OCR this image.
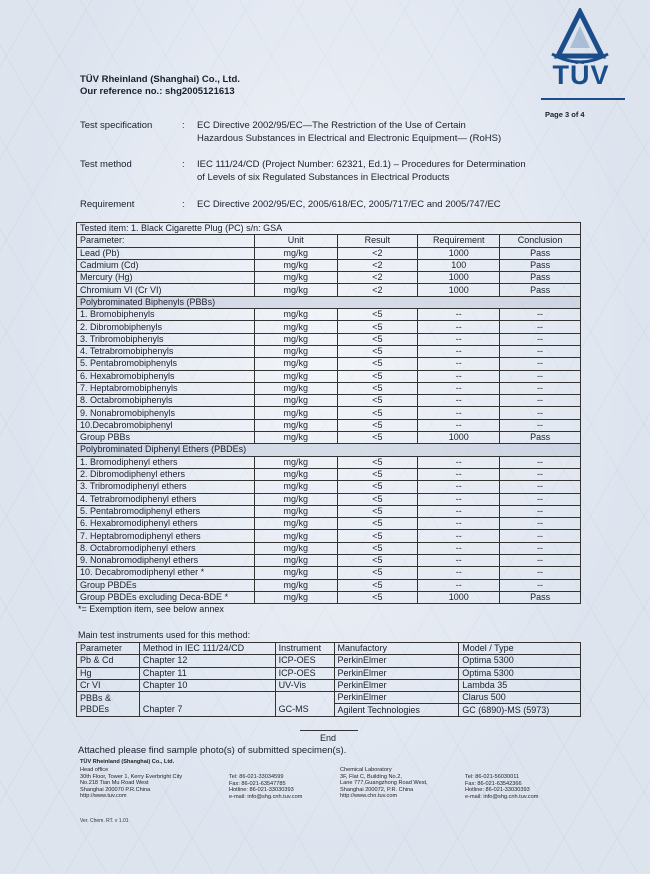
TÜV Rheinland (Shanghai) Co., Ltd.
Our reference no.: shg2005121613
TÜV
Page 3 of 4
Test specification	: EC Directive 2002/95/EC—The Restriction of the Use of Certain
Hazardous Substances in Electrical and Electronic Equipment— (RoHS)
Test method	: IEC 111/24/CD (Project Number: 62321, Ed.1) – Procedures for Determination
of Levels of six Regulated Substances in Electrical Products
Requirement	: EC Directive 2002/95/EC, 2005/618/EC, 2005/717/EC and 2005/747/EC
Tested item: 1. Black Cigarette Plug (PC) s/n: GSA				
Parameter:	Unit	Result	Requirement	Conclusion
Lead (Pb)	mg/kg	<2	1000	Pass
Cadmium (Cd)	mg/kg	<2	100	Pass
Mercury (Hg)	mg/kg	<2	1000	Pass
Chromium VI (Cr VI)	mg/kg	<2	1000	Pass
Polybrominated Biphenyls (PBBs)				
1. Bromobiphenyls	mg/kg	<5	--	--
2. Dibromobiphenyls	mg/kg	<5	--	--
3. Tribromobiphenyls	mg/kg	<5	--	--
4. Tetrabromobiphenyls	mg/kg	<5	--	--
5. Pentabromobiphenyls	mg/kg	<5	--	--
6. Hexabromobiphenyls	mg/kg	<5	--	--
7. Heptabromobiphenyls	mg/kg	<5	--	--
8. Octabromobiphenyls	mg/kg	<5	--	--
9. Nonabromobiphenyls	mg/kg	<5	--	--
10.Decabromobiphenyl	mg/kg	<5	--	--
Group PBBs	mg/kg	<5	1000	Pass
Polybrominated Diphenyl Ethers (PBDEs)				
1. Bromodiphenyl ethers	mg/kg	<5	--	--
2. Dibromodiphenyl ethers	mg/kg	<5	--	--
3. Tribromodiphenyl ethers	mg/kg	<5	--	--
4. Tetrabromodiphenyl ethers	mg/kg	<5	--	--
5. Pentabromodiphenyl ethers	mg/kg	<5	--	--
6. Hexabromodiphenyl ethers	mg/kg	<5	--	--
7. Heptabromodiphenyl ethers	mg/kg	<5	--	--
8. Octabromodiphenyl ethers	mg/kg	<5	--	--
9. Nonabromodiphenyl ethers	mg/kg	<5	--	--
10. Decabromodiphenyl ether *	mg/kg	<5	--	--
Group PBDEs	mg/kg	<5	--	--
Group PBDEs excluding Deca-BDE *	mg/kg	<5	1000	Pass
*= Exemption item, see below annex
Main test instruments used for this method:
Parameter	Method in IEC 111/24/CD	Instrument	Manufactory	Model / Type
Pb & Cd	Chapter 12	ICP-OES	PerkinElmer	Optima 5300
Hg	Chapter 11	ICP-OES	PerkinElmer	Optima 5300
Cr VI	Chapter 10	UV-Vis	PerkinElmer	Lambda 35
PBBs &			PerkinElmer	Clarus 500
PBDEs	Chapter 7	GC-MS	Agilent Technologies	GC (6890)-MS (5973)
End
Attached please find sample photo(s) of submitted specimen(s).
TÜV Rheinland (Shanghai) Co., Ltd.
Head office
30th Floor, Tower 1, Kerry Everbright City
No.218 Tian Mu Road West
Shanghai 200070 P.R.China
http://www.tuv.com
Tel: 86-021-33034599
Fax: 86-021-63547785
Hotline: 86-021-33030393
e-mail: info@shg.cnh.tuv.com
Chemical Laboratory
3F, Flat C, Building No.2,
Lane 777,Guangzhong Road West,
Shanghai 200072, P.R. China
http://www.chn.tuv.com
Tel: 86-021-56030011
Fax: 86-021-63542366
Hotline: 86-021-33030393
e-mail: info@shg.cnh.tuv.com
Ver. Chem. RT. v 1.01
